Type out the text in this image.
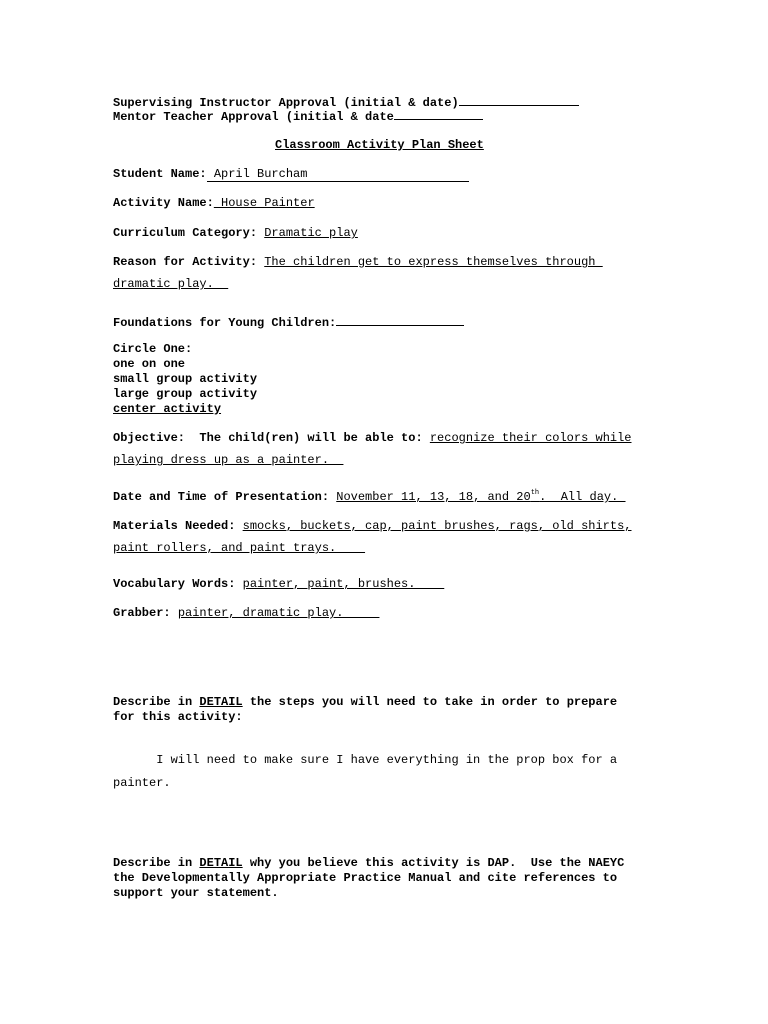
Supervising Instructor Approval (initial & date)
Mentor Teacher Approval (initial & date
Classroom Activity Plan Sheet
Student Name: April Burcham
Activity Name: House Painter
Curriculum Category: Dramatic play
Reason for Activity: The children get to express themselves through
dramatic play.
Foundations for Young Children:
Circle One:
one on one
small group activity
large group activity
center activity
Objective:  The child(ren) will be able to: recognize their colors while
playing dress up as a painter.
Date and Time of Presentation: November 11, 13, 18, and 20th.  All day.
Materials Needed: smocks, buckets, cap, paint brushes, rags, old shirts,
paint rollers, and paint trays.
Vocabulary Words: painter, paint, brushes.
Grabber: painter, dramatic play.
Describe in DETAIL the steps you will need to take in order to prepare
for this activity:
I will need to make sure I have everything in the prop box for a
painter.
Describe in DETAIL why you believe this activity is DAP.  Use the NAEYC
the Developmentally Appropriate Practice Manual and cite references to
support your statement.
